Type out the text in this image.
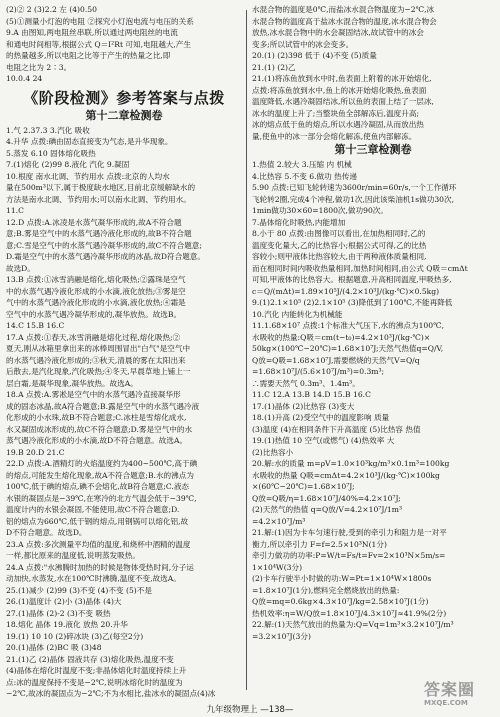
(2)② 2 (3)2.2 左 (4)0.50
(5)①测量小灯泡的电阻 ②探究小灯泡电流与电压的关系
9.A 由图知,两电阻丝串联,所以通过两电阻丝的电流
和通电时间相等,根据公式 Q＝I²Rt 可知,电阻越大,产生
的热量越多,所以电阻之比等于产生的热量之比,即
电阻之比为 2∶3。
10.0.4 24
《阶段检测》参考答案与点拨
第十二章检测卷
1.气 2.37.3 3.汽化 吸收
4.升华 点拨:碘由固态直接变为气态,是升华现象。
5.蒸发 6.10 固体熔化吸热
7.(1)熔化 (2)99 8.液化 汽化 9.凝固
10.根度 南水北调、节约用水 点拨:北京的人均水
量在500m³以下,属于极度缺水地区,目前北京缓解缺水的
方法是南水北调、节约用水;可以南水北调、节约用水。
11.C
12.D 点拨:A.冰凌是水蒸气凝华形成的,故A不符合题
意;B.雾是空气中的水蒸气遇冷液化形成的,故B不符合题
意;C.雪是空气中的水蒸气遇冷凝华形成的,故C不符合题意;
D.霜是空气中的水蒸气遇冷凝华形成的冰晶,故D符合题意。
故选D。
13.B 点拨:①冰雪消融是熔化,熔化吸热;②露珠是空气
中的水蒸气遇冷液化形成的小水滴,液化放热;③雾是空
气中的水蒸气遇冷液化形成的小水滴,液化放热;④霜是
空气中的水蒸气遇冷凝华形成的,凝华放热。故选B。
14.C 15.B 16.C
17.A 点拨:①春天,冰雪消融是熔化过程,熔化吸热;②
夏天,刚从冰箱里拿出来的冰棒周围冒出"白气"是空气中
的水蒸气遇冷液化形成的;③秋天,清晨的雾在太阳出来
后散去,是汽化现象,汽化吸热;④冬天,早晨草地上铺上一
层白霜,是凝华现象,凝华放热。故选A。
18.A 点拨:A.雾凇是空气中的水蒸气遇冷直接凝华形
成的固态冰晶,故A符合题意;B.露是空气中的水蒸气遇冷液
化形成的小水珠,故B不符合题意;C.冰柱是雪熔化成水,
水又凝固成冰形成的,故C不符合题意;D.雾是空气中的水
蒸气遇冷液化形成的小水滴,故D不符合题意。故选A。
19.B 20.D 21.C
22.D 点拨:A.酒精灯的火焰温度约为400~500℃,高于碘
的熔点,可能发生熔化现象,故A不符合题意;B.水的沸点为
100℃,低于碘的熔点,碘不会熔化,故B符合题意;C.液态
水银的凝固点是−39℃,在寒冷的北方气温会低于−39℃,
温度计内的水银会凝固,不能使用,故C不符合题意;D.
铝的熔点为660℃,低于钢的熔点,用钢锅可以熔化铝,故
D不符合题意。故选D。
23.A 点拨:多次测量平均值的温度,和烧杯中酒精的温度
一样,都比原来的温度低,说明蒸发吸热。
24.A 点拨:"水沸腾时加热的时候是物体受热时间,分子运
动加快,水蒸发,水在100℃时沸腾,温度不变,故选A。
25.(1)减少 (2)99 (3)不变 (4)不变 (5)不是
26.(1)温度计 (2)小 (3)晶体 (4)大
27.(1)晶体 (2)-2 (3)不变 吸热
18.熔化 晶体 19.液化 放热 20.升华
19.(1) 10 10 (2)碎冰块 (3)乙(每空2分)
20.(1)晶体 (2)BC 吸 (3)48
21.(1)乙 (2)晶体 固液共存 (3)熔化吸热,温度不变
(4)晶体在熔化时温度不变;非晶体熔化时温度持续上升
点:冰的温度保持不变是−2℃,说明冰熔化时的温度为
−2℃,故冰的凝固点为−2℃;不为水相比,盐冰水的凝固点(4)冰
水混合物的温度是0℃,而盐冰水混合物温度为−2℃,冰
水混合物的温度高于盐冰水混合物的温度,冰水混合物会
放热,冰水混合物中的水会凝固结冰,故试管中的冰会
变多;所以试管中的冰会变多。
20.(1) (2)398 低于 (4)不变 (5)质量
21.(1) (2)乙
21.(1)将冻鱼放到水中时,鱼表面上附着的冰开始熔化,
点拨:将冻鱼放到水中,鱼上的冰开始熔化吸热,鱼表面
温度降低,水遇冷凝固结冰,所以鱼的表面上结了一层冰,
冰水的温度上升了;当整块鱼全部解冻后,温度升高;
冰的熔点低于鱼的熔点,所以水遇冷凝固,从而放出热
量,使鱼中的冰一部分会熔化解冻,使鱼内部解冻。
第十三章检测卷
1.热值 2.较大 3.压缩 内 机械
4.比热容 5.不变 6.做功 热传递
5.90 点拨:已知飞轮转速为3600r/min=60r/s,一个工作循环
飞轮转2圈,完成4个冲程,做功1次,因此该柴油机1s做功30次,
1min做功30×60=1800次,做功90次。
7.晶体熔化时吸热,内能增加
8.小于 80 点拨:由图像可以看出,在加热相同时,乙的
温度变化量大,乙的比热容小;根据公式可得,乙的比热
容较小;则甲液体比热容较大,由于两种液体质量相同,
而在相同时间内吸收热量相同,加热时间相同,由公式 Q吸＝cmΔt
可知,甲液体的比热容大。根据题意,升高相同温度,甲吸热多,
c＝Q/(mΔt)=1.89×10⁵J/(4.2×10³J/(kg·℃)×0.5kg)
9.(1)2.1×10⁵ (2)2.1×10⁵ (3)降低到了100℃,不能再降低
10.汽化 内能转化为机械能
11.1.68×10⁷ 点拨:1个标准大气压下,水的沸点为100℃,
水吸收的热量:Q吸＝cm(t−t₀)=4.2×10³J/(kg·℃)×
50kg×(100℃−20℃)=1.68×10⁷J;天然气热值q=Q/V,
Q放=Q吸=1.68×10⁷J,需要燃烧的天然气V=Q/q
=1.68×10⁷J/(5.6×10⁷J/m³)=0.3m³;
∴需要天然气 0.3m³、1.4m³。
11.C 12.A 13.B 14.D 15.B 16.C
17.(1)晶体 (2)比热容 (3)变大
18.(1)升高 (2)受空气中的温度影响 质量
(3)温度 (4)在相同条件下升高温度 (5)比热容 热值
19.(1)热值 10 空气(或燃气) (4)热效率 大
(2)比热容小
20.解:水的质量 m=ρV=1.0×10³kg/m³×0.1m³=100kg
水吸收的热量 Q吸=cmΔt=4.2×10³J/(kg·℃)×100kg
×(60℃−20℃)=1.68×10⁷J;
Q放=Q吸/η=1.68×10⁷J/40%=4.2×10⁷J;
(2)天然气的热值 q=Q放/V=4.2×10⁷J/1m³
=4.2×10⁷J/m³
21.解:(1)因为卡车匀速行驶,受到的牵引力和阻力是一对平
衡力,所以牵引力 F=f=2.5×10³N(1分)
牵引力做功的功率:P=W/t=Fs/t=Fv=2×10³N×5m/s=
1×10⁴W(3分)
(2)卡车行驶半小时做的功:W=Pt=1×10⁴W×1800s
=1.8×10⁷J(1分),燃料完全燃烧放出的热量:
Q放=mq=0.6kg×4.3×10⁷J/kg=2.58×10⁷J(1分)
热机效率:η=W/Q放=1.8×10⁷J/4.3×10⁷J≈41.9%(2分)
22.解:(1)天然气放出的热量为:Q=Vq=1m³×3.2×10⁷J/m³
=3.2×10⁷J(3分)
九年级物理上 —138—
答案圈
MXQE.COM
